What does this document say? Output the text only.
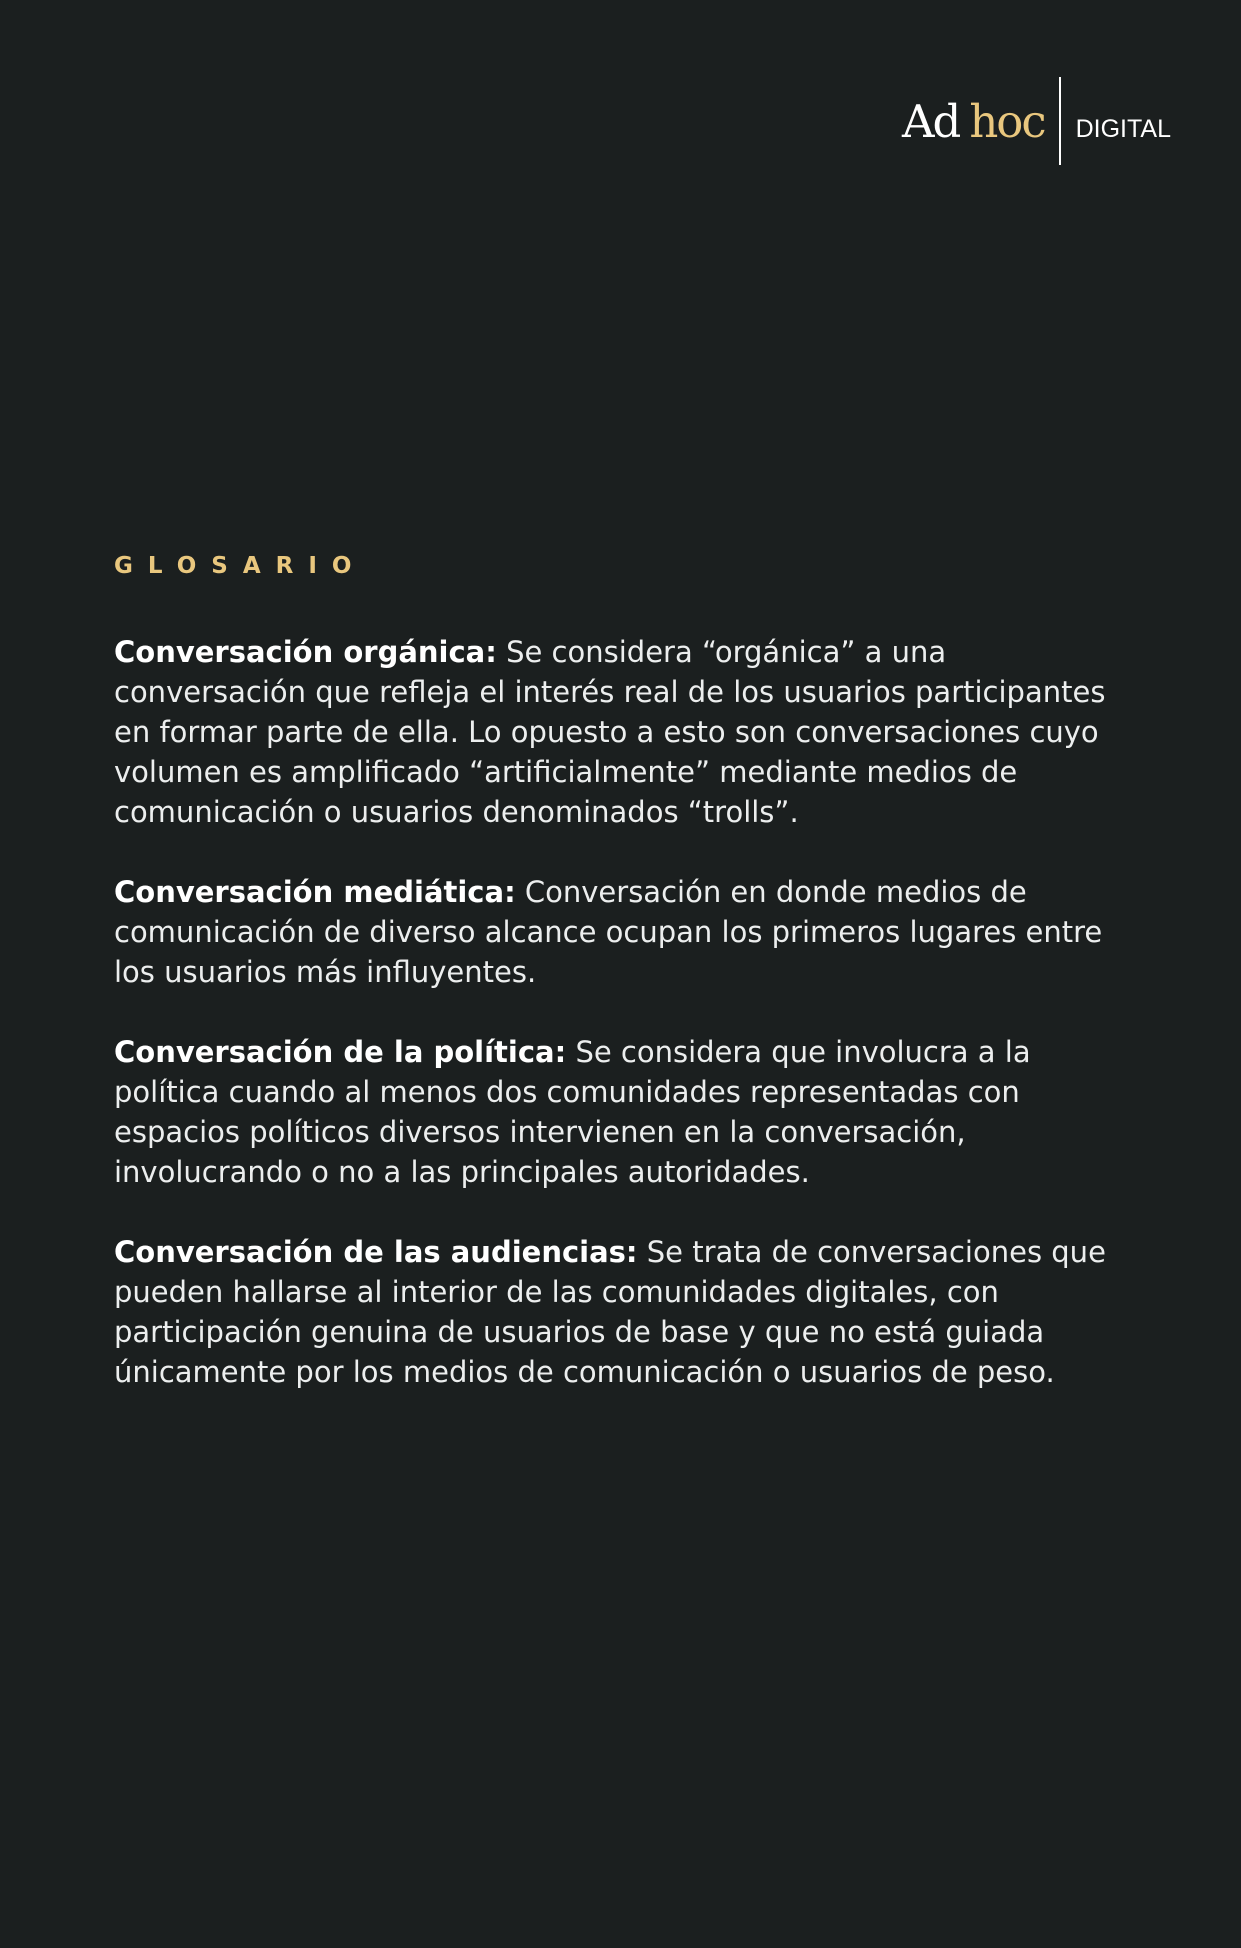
Ad hoc DIGITAL
GLOSARIO

Conversación orgánica: Se considera “orgánica” a una conversación que refleja el interés real de los usuarios participantes en formar parte de ella. Lo opuesto a esto son conversaciones cuyo volumen es amplificado “artificialmente” mediante medios de comunicación o usuarios denominados “trolls”.

Conversación mediática: Conversación en donde medios de comunicación de diverso alcance ocupan los primeros lugares entre los usuarios más influyentes.

Conversación de la política: Se considera que involucra a la política cuando al menos dos comunidades representadas con espacios políticos diversos intervienen en la conversación, involucrando o no a las principales autoridades.

Conversación de las audiencias: Se trata de conversaciones que pueden hallarse al interior de las comunidades digitales, con participación genuina de usuarios de base y que no está guiada únicamente por los medios de comunicación o usuarios de peso.
